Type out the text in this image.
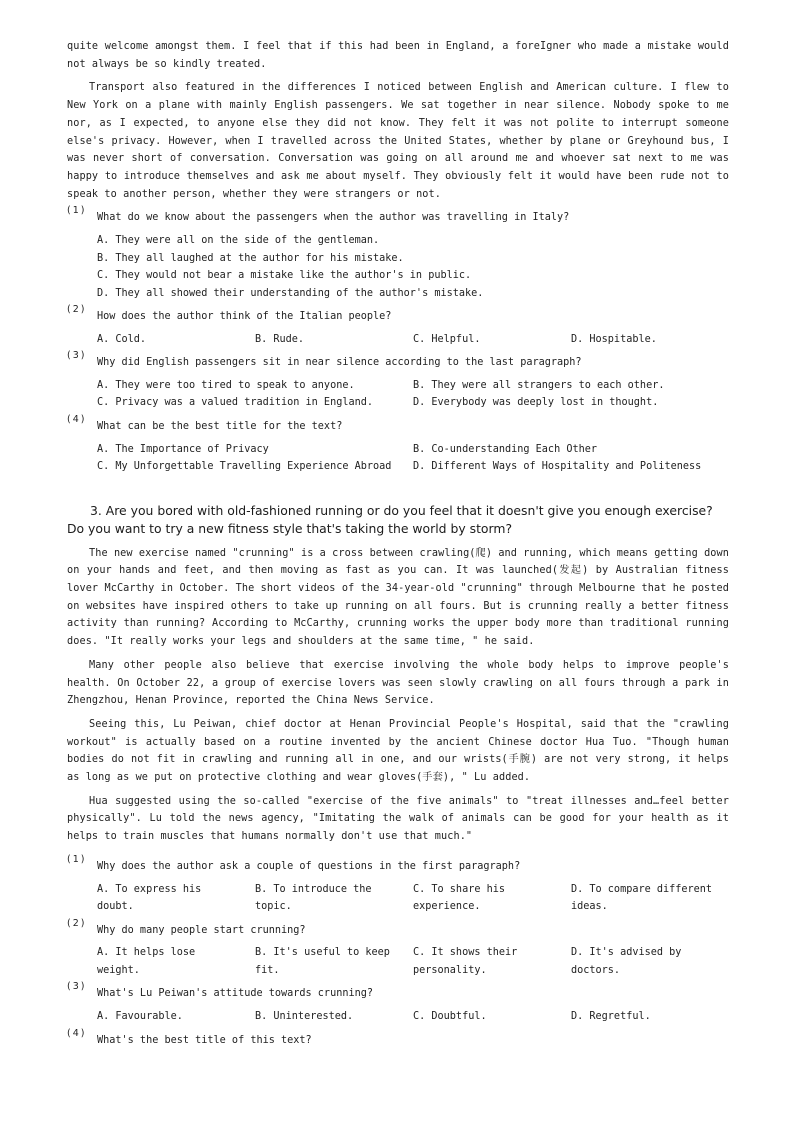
quite welcome amongst them. I feel that if this had been in England, a foreIgner who made a mistake would not always be so kindly treated.

Transport also featured in the differences I noticed between English and American culture. I flew to New York on a plane with mainly English passengers. We sat together in near silence. Nobody spoke to me nor, as I expected, to anyone else they did not know. They felt it was not polite to interrupt someone else's privacy. However, when I travelled across the United States, whether by plane or Greyhound bus, I was never short of conversation. Conversation was going on all around me and whoever sat next to me was happy to introduce themselves and ask me about myself. They obviously felt it would have been rude not to speak to another person, whether they were strangers or not.

(1)
What do we know about the passengers when the author was travelling in Italy?
A. They were all on the side of the gentleman.
B. They all laughed at the author for his mistake.
C. They would not bear a mistake like the author's in public.
D. They all showed their understanding of the author's mistake.
(2)
How does the author think of the Italian people?
A. Cold.	B. Rude.	C. Helpful.	D. Hospitable.
(3)
Why did English passengers sit in near silence according to the last paragraph?
A. They were too tired to speak to anyone.	B. They were all strangers to each other.
C. Privacy was a valued tradition in England.	D. Everybody was deeply lost in thought.
(4)
What can be the best title for the text?
A. The Importance of Privacy	B. Co-understanding Each Other
C. My Unforgettable Travelling Experience Abroad	D. Different Ways of Hospitality and Politeness
3. Are you bored with old-fashioned running or do you feel that it doesn't give you enough exercise? Do you want to try a new fitness style that's taking the world by storm?

The new exercise named "crunning" is a cross between crawling(爬) and running, which means getting down on your hands and feet, and then moving as fast as you can. It was launched(发起) by Australian fitness lover McCarthy in October. The short videos of the 34-year-old "crunning" through Melbourne that he posted on websites have inspired others to take up running on all fours. But is crunning really a better fitness activity than running? According to McCarthy, crunning works the upper body more than traditional running does. "It really works your legs and shoulders at the same time, " he said.

Many other people also believe that exercise involving the whole body helps to improve people's health. On October 22, a group of exercise lovers was seen slowly crawling on all fours through a park in Zhengzhou, Henan Province, reported the China News Service.

Seeing this, Lu Peiwan, chief doctor at Henan Provincial People's Hospital, said that the "crawling workout" is actually based on a routine invented by the ancient Chinese doctor Hua Tuo. "Though human bodies do not fit in crawling and running all in one, and our wrists(手腕) are not very strong, it helps as long as we put on protective clothing and wear gloves(手套), " Lu added.

Hua suggested using the so-called "exercise of the five animals" to "treat illnesses and…feel better physically". Lu told the news agency, "Imitating the walk of animals can be good for your health as it helps to train muscles that humans normally don't use that much."

(1)
Why does the author ask a couple of questions in the first paragraph?
A. To express his doubt.
B. To introduce the topic.
C. To share his experience.
D. To compare different ideas.
(2)
Why do many people start crunning?
A. It helps lose weight.
B. It's useful to keep fit.
C. It shows their personality.
D. It's advised by doctors.
(3)
What's Lu Peiwan's attitude towards crunning?
A. Favourable.	B. Uninterested.	C. Doubtful.	D. Regretful.
(4)
What's the best title of this text?
